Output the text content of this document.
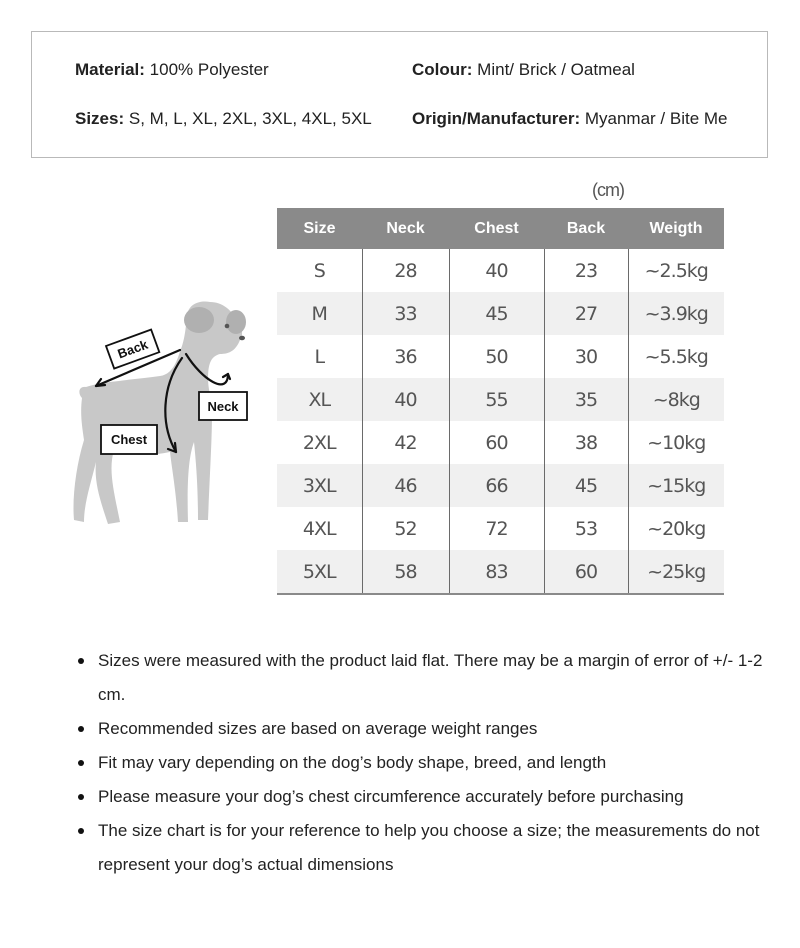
Material: 100% Polyester	Colour: Mint/ Brick / Oatmeal
Sizes: S, M, L, XL, 2XL, 3XL, 4XL, 5XL Origin/Manufacturer: Myanmar / Bite Me
(cm)
Back
Neck
Chest
Size	Neck	Chest	Back	Weigth
S	28	40	23	~2.5kg
M	33	45	27	~3.9kg
L	36	50	30	~5.5kg
XL	40	55	35	~8kg
2XL	42	60	38	~10kg
3XL	46	66	45	~15kg
4XL	52	72	53	~20kg
5XL	58	83	60	~25kg
Sizes were measured with the product laid flat. There may be a margin of error of +/- 1-2 cm.
Recommended sizes are based on average weight ranges
Fit may vary depending on the dog’s body shape, breed, and length
Please measure your dog’s chest circumference accurately before purchasing
The size chart is for your reference to help you choose a size; the measurements do not represent your dog’s actual dimensions
